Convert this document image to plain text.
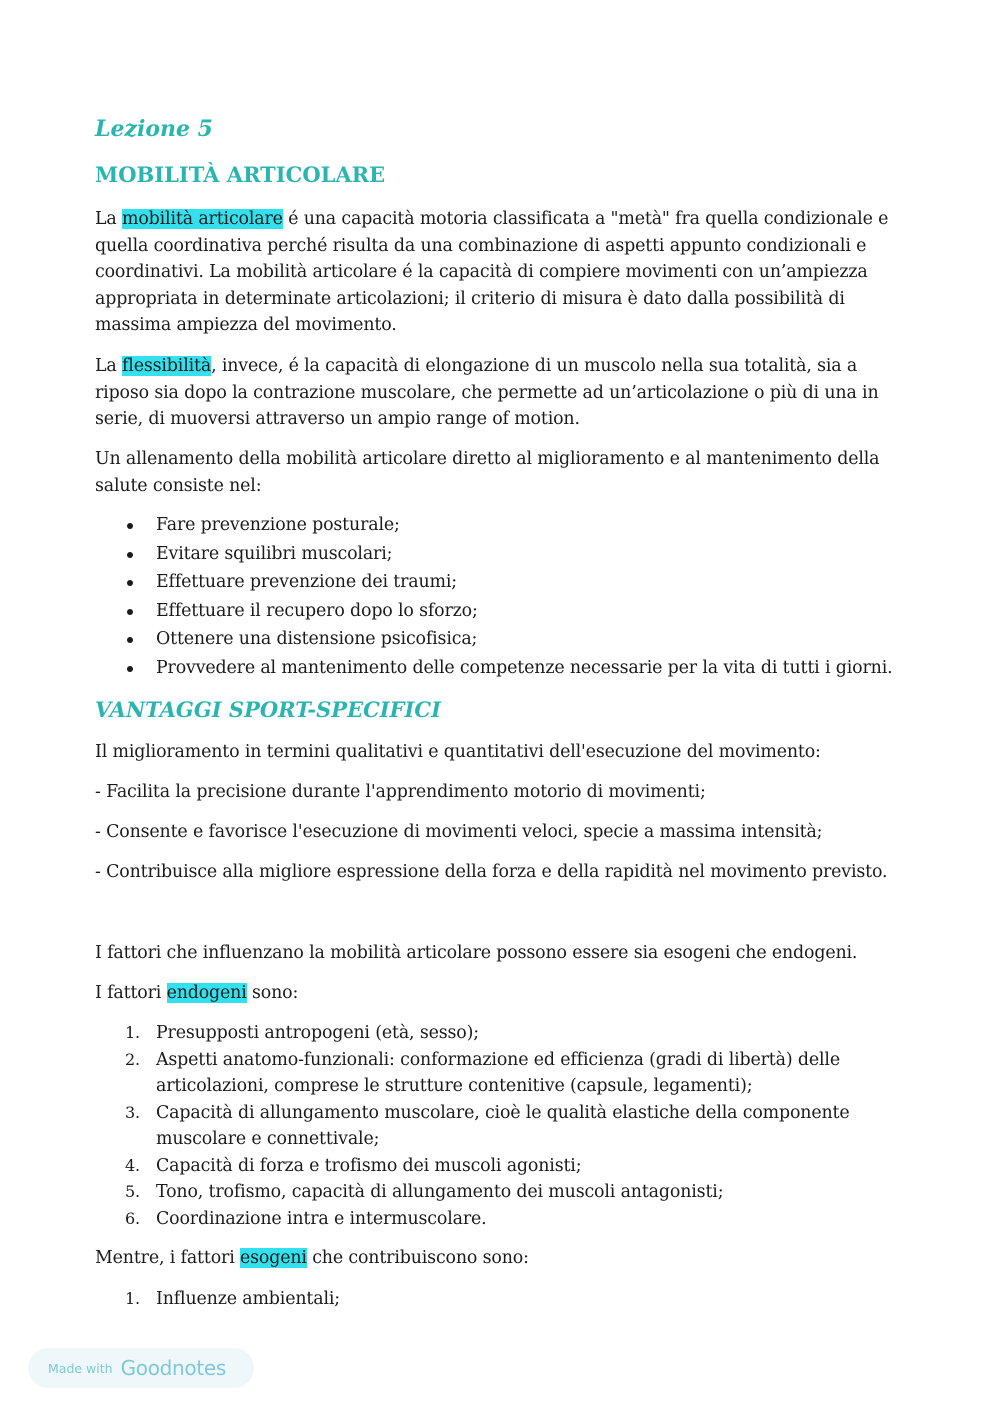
Lezione 5
MOBILITÀ ARTICOLARE

La mobilità articolare é una capacità motoria classificata a "metà" fra quella condizionale e quella coordinativa perché risulta da una combinazione di aspetti appunto condizionali e coordinativi. La mobilità articolare é la capacità di compiere movimenti con un’ampiezza appropriata in determinate articolazioni; il criterio di misura è dato dalla possibilità di massima ampiezza del movimento.

La flessibilità, invece, é la capacità di elongazione di un muscolo nella sua totalità, sia a riposo sia dopo la contrazione muscolare, che permette ad un’articolazione o più di una in serie, di muoversi attraverso un ampio range of motion.

Un allenamento della mobilità articolare diretto al miglioramento e al mantenimento della salute consiste nel:

Fare prevenzione posturale;
Evitare squilibri muscolari;
Effettuare prevenzione dei traumi;
Effettuare il recupero dopo lo sforzo;
Ottenere una distensione psicofisica;
Provvedere al mantenimento delle competenze necessarie per la vita di tutti i giorni.
VANTAGGI SPORT-SPECIFICI

Il miglioramento in termini qualitativi e quantitativi dell'esecuzione del movimento:

- Facilita la precisione durante l'apprendimento motorio di movimenti;

- Consente e favorisce l'esecuzione di movimenti veloci, specie a massima intensità;

- Contribuisce alla migliore espressione della forza e della rapidità nel movimento previsto.

I fattori che influenzano la mobilità articolare possono essere sia esogeni che endogeni.

I fattori endogeni sono:

1. Presupposti antropogeni (età, sesso);
2. Aspetti anatomo-funzionali: conformazione ed efficienza (gradi di libertà) delle articolazioni, comprese le strutture contenitive (capsule, legamenti);
3. Capacità di allungamento muscolare, cioè le qualità elastiche della componente muscolare e connettivale;
4. Capacità di forza e trofismo dei muscoli agonisti;
5. Tono, trofismo, capacità di allungamento dei muscoli antagonisti;
6. Coordinazione intra e intermuscolare.

Mentre, i fattori esogeni che contribuiscono sono:

1. Influenze ambientali;
Made with Goodnotes
